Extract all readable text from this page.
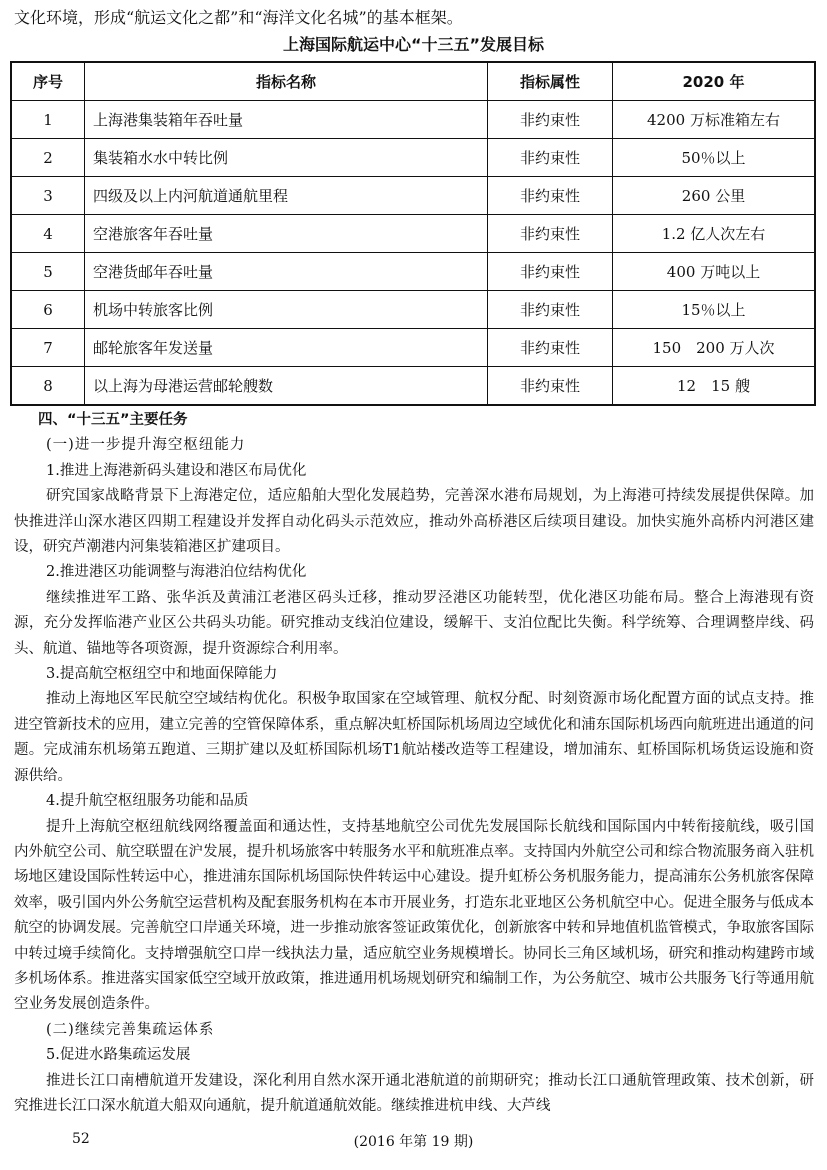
文化环境，形成“航运文化之都”和“海洋文化名城”的基本框架。
上海国际航运中心“十三五”发展目标
序号	指标名称	指标属性	2020 年
1	上海港集装箱年吞吐量	非约束性	4200 万标准箱左右
2	集装箱水水中转比例	非约束性	50％以上
3	四级及以上内河航道通航里程	非约束性	260 公里
4	空港旅客年吞吐量	非约束性	1.2 亿人次左右
5	空港货邮年吞吐量	非约束性	400 万吨以上
6	机场中转旅客比例	非约束性	15％以上
7	邮轮旅客年发送量	非约束性	150　200 万人次
8	以上海为母港运营邮轮艘数	非约束性	12　15 艘

四、“十三五”主要任务

(一)进一步提升海空枢纽能力

1.推进上海港新码头建设和港区布局优化

研究国家战略背景下上海港定位，适应船舶大型化发展趋势，完善深水港布局规划，为上海港可持续发展提供保障。加快推进洋山深水港区四期工程建设并发挥自动化码头示范效应，推动外高桥港区后续项目建设。加快实施外高桥内河港区建设，研究芦潮港内河集装箱港区扩建项目。

2.推进港区功能调整与海港泊位结构优化

继续推进军工路、张华浜及黄浦江老港区码头迁移，推动罗泾港区功能转型，优化港区功能布局。整合上海港现有资源，充分发挥临港产业区公共码头功能。研究推动支线泊位建设，缓解干、支泊位配比失衡。科学统筹、合理调整岸线、码头、航道、锚地等各项资源，提升资源综合利用率。

3.提高航空枢纽空中和地面保障能力

推动上海地区军民航空空域结构优化。积极争取国家在空域管理、航权分配、时刻资源市场化配置方面的试点支持。推进空管新技术的应用，建立完善的空管保障体系，重点解决虹桥国际机场周边空域优化和浦东国际机场西向航班进出通道的问题。完成浦东机场第五跑道、三期扩建以及虹桥国际机场T1航站楼改造等工程建设，增加浦东、虹桥国际机场货运设施和资源供给。

4.提升航空枢纽服务功能和品质

提升上海航空枢纽航线网络覆盖面和通达性，支持基地航空公司优先发展国际长航线和国际国内中转衔接航线，吸引国内外航空公司、航空联盟在沪发展，提升机场旅客中转服务水平和航班准点率。支持国内外航空公司和综合物流服务商入驻机场地区建设国际性转运中心，推进浦东国际机场国际快件转运中心建设。提升虹桥公务机服务能力，提高浦东公务机旅客保障效率，吸引国内外公务航空运营机构及配套服务机构在本市开展业务，打造东北亚地区公务机航空中心。促进全服务与低成本航空的协调发展。完善航空口岸通关环境，进一步推动旅客签证政策优化，创新旅客中转和异地值机监管模式，争取旅客国际中转过境手续简化。支持增强航空口岸一线执法力量，适应航空业务规模增长。协同长三角区域机场，研究和推动构建跨市域多机场体系。推进落实国家低空空域开放政策，推进通用机场规划研究和编制工作，为公务航空、城市公共服务飞行等通用航空业务发展创造条件。

(二)继续完善集疏运体系

5.促进水路集疏运发展

推进长江口南槽航道开发建设，深化利用自然水深开通北港航道的前期研究；推动长江口通航管理政策、技术创新，研究推进长江口深水航道大船双向通航，提升航道通航效能。继续推进杭申线、大芦线

52	(2016 年第 19 期)
